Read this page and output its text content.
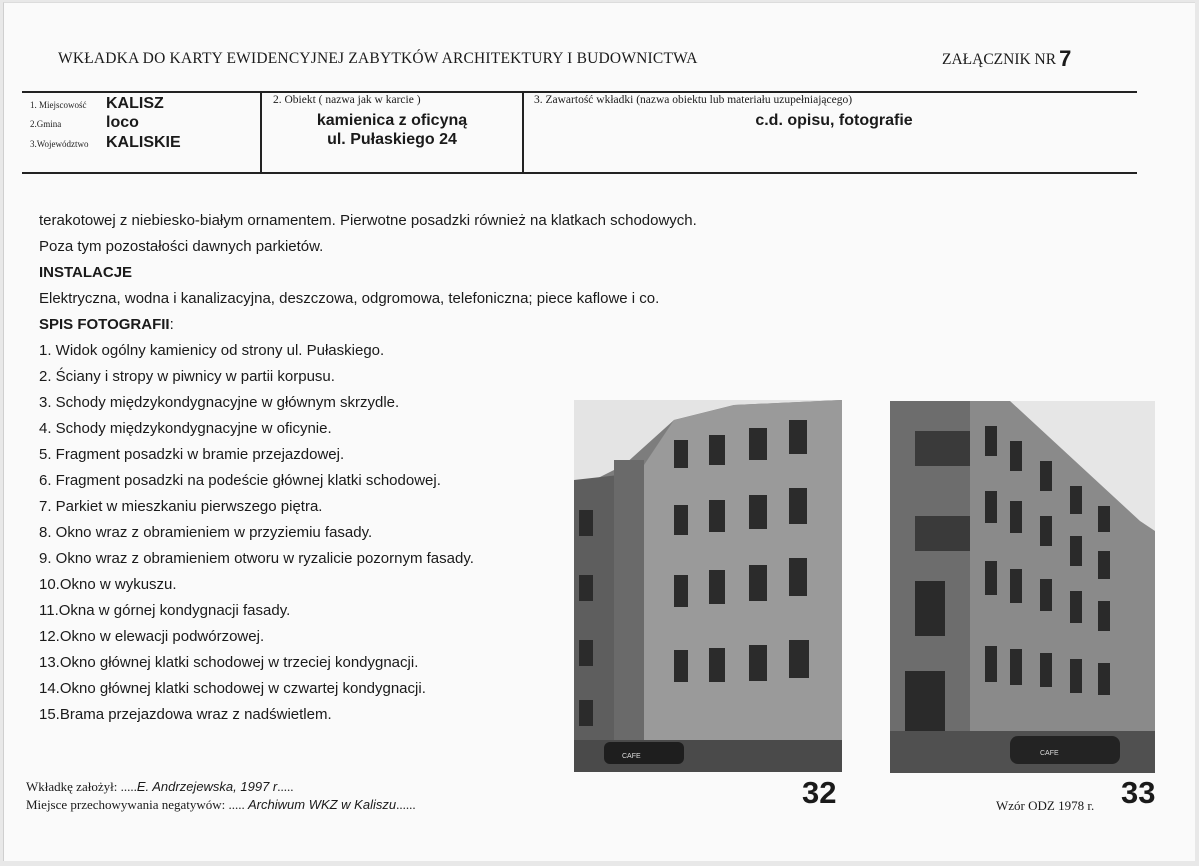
WKŁADKA DO KARTY EWIDENCYJNEJ ZABYTKÓW ARCHITEKTURY I BUDOWNICTWA	ZAŁĄCZNIK NR 7
1. Miejscowość	KALISZ
2.Gmina	loco
3.Województwo	KALISKIE
2. Obiekt ( nazwa jak w karcie )
kamienica z oficyną
ul. Pułaskiego 24
3. Zawartość wkładki (nazwa obiektu lub materiału uzupełniającego)
c.d. opisu, fotografie
terakotowej z niebiesko-białym ornamentem. Pierwotne posadzki również na klatkach schodowych.
Poza tym pozostałości dawnych parkietów.
INSTALACJE
Elektryczna, wodna i kanalizacyjna, deszczowa, odgromowa, telefoniczna; piece kaflowe i co.
SPIS FOTOGRAFII:
1. Widok ogólny kamienicy od strony ul. Pułaskiego.
2. Ściany i stropy w piwnicy w partii korpusu.
3. Schody międzykondygnacyjne w głównym skrzydle.
4. Schody międzykondygnacyjne w oficynie.
5. Fragment posadzki w bramie przejazdowej.
6. Fragment posadzki na podeście głównej klatki schodowej.
7. Parkiet w mieszkaniu pierwszego piętra.
8. Okno wraz z obramieniem w przyziemiu fasady.
9. Okno wraz z obramieniem otworu w ryzalicie pozornym fasady.
10.Okno w wykuszu.
11.Okna w górnej kondygnacji fasady.
12.Okno w elewacji podwórzowej.
13.Okno głównej klatki schodowej w trzeciej kondygnacji.
14.Okno głównej klatki schodowej w czwartej kondygnacji.
15.Brama przejazdowa wraz z nadświetlem.
CAFE
32
CAFE
33
Wkładkę założył: .....E. Andrzejewska, 1997 r.....
Miejsce przechowywania negatywów: ..... Archiwum WKZ w Kaliszu......	Wzór ODZ 1978 r.
